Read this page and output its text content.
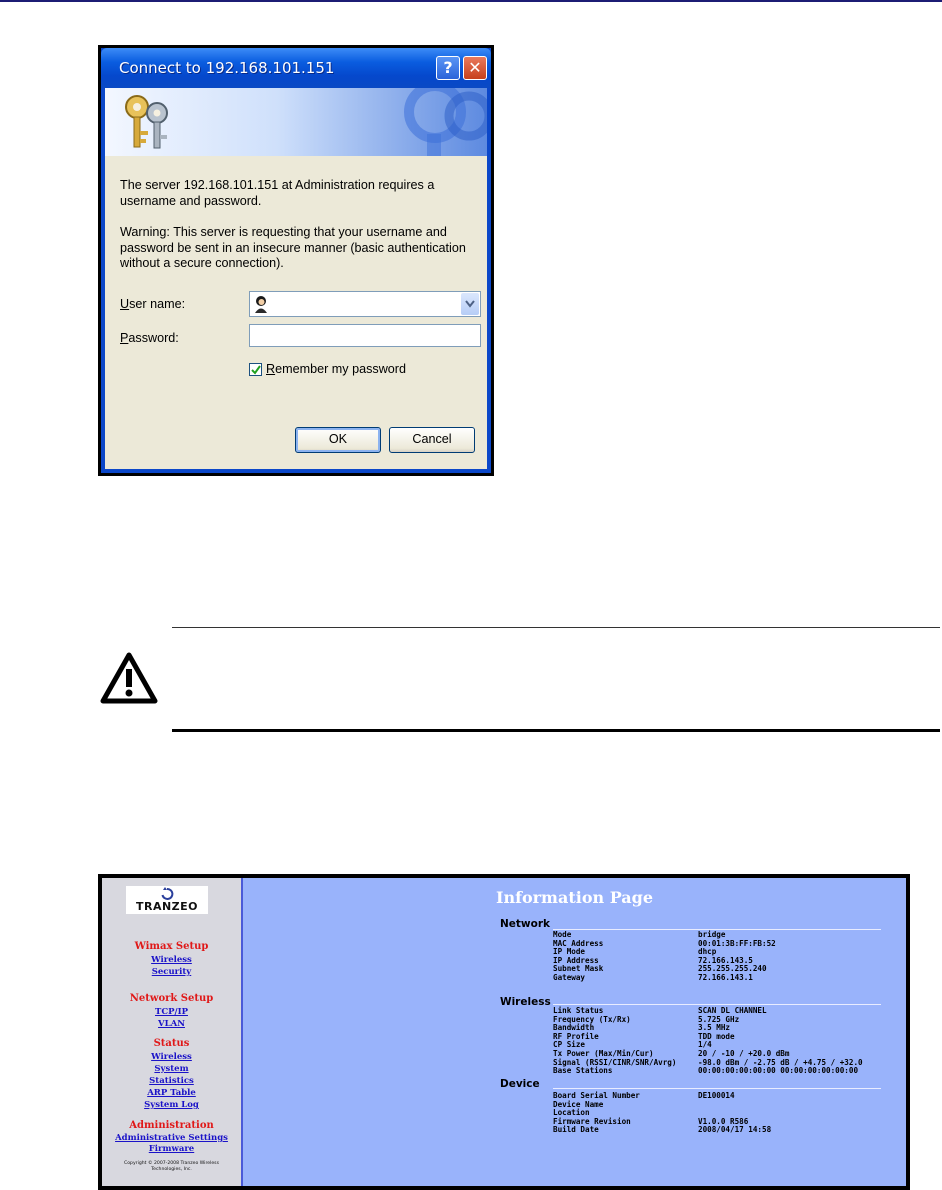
Connect to 192.168.101.151	? ✕
The server 192.168.101.151 at Administration requires a username and password.
Warning: This server is requesting that your username and password be sent in an insecure manner (basic authentication without a secure connection).
User name:
Password:
Remember my password
OK	Cancel
TRANZEO
Wimax Setup
Wireless
Security
Network Setup
TCP/IP
VLAN
Status
Wireless
System
Statistics
ARP Table
System Log
Administration
Administrative Settings
Firmware
Copyright © 2007-2008 Tranzeo Wireless Technologies, Inc.
Information Page
Network
Mode	bridge
MAC Address	00:01:3B:FF:FB:52
IP Mode	dhcp
IP Address	72.166.143.5
Subnet Mask	255.255.255.240
Gateway	72.166.143.1
Wireless
Link Status	SCAN DL CHANNEL
Frequency (Tx/Rx)	5.725 GHz
Bandwidth	3.5 MHz
RF Profile	TDD mode
CP Size	1/4
Tx Power (Max/Min/Cur)	20 / -10 / +20.0 dBm
Signal (RSSI/CINR/SNR/Avrg)	-98.0 dBm / -2.75 dB / +4.75 / +32.0
Base Stations	00:00:00:00:00:00 00:00:00:00:00:00
Device
Board Serial Number	DE100014
Device Name
Location
Firmware Revision	V1.0.0 R586
Build Date	2008/04/17 14:58
